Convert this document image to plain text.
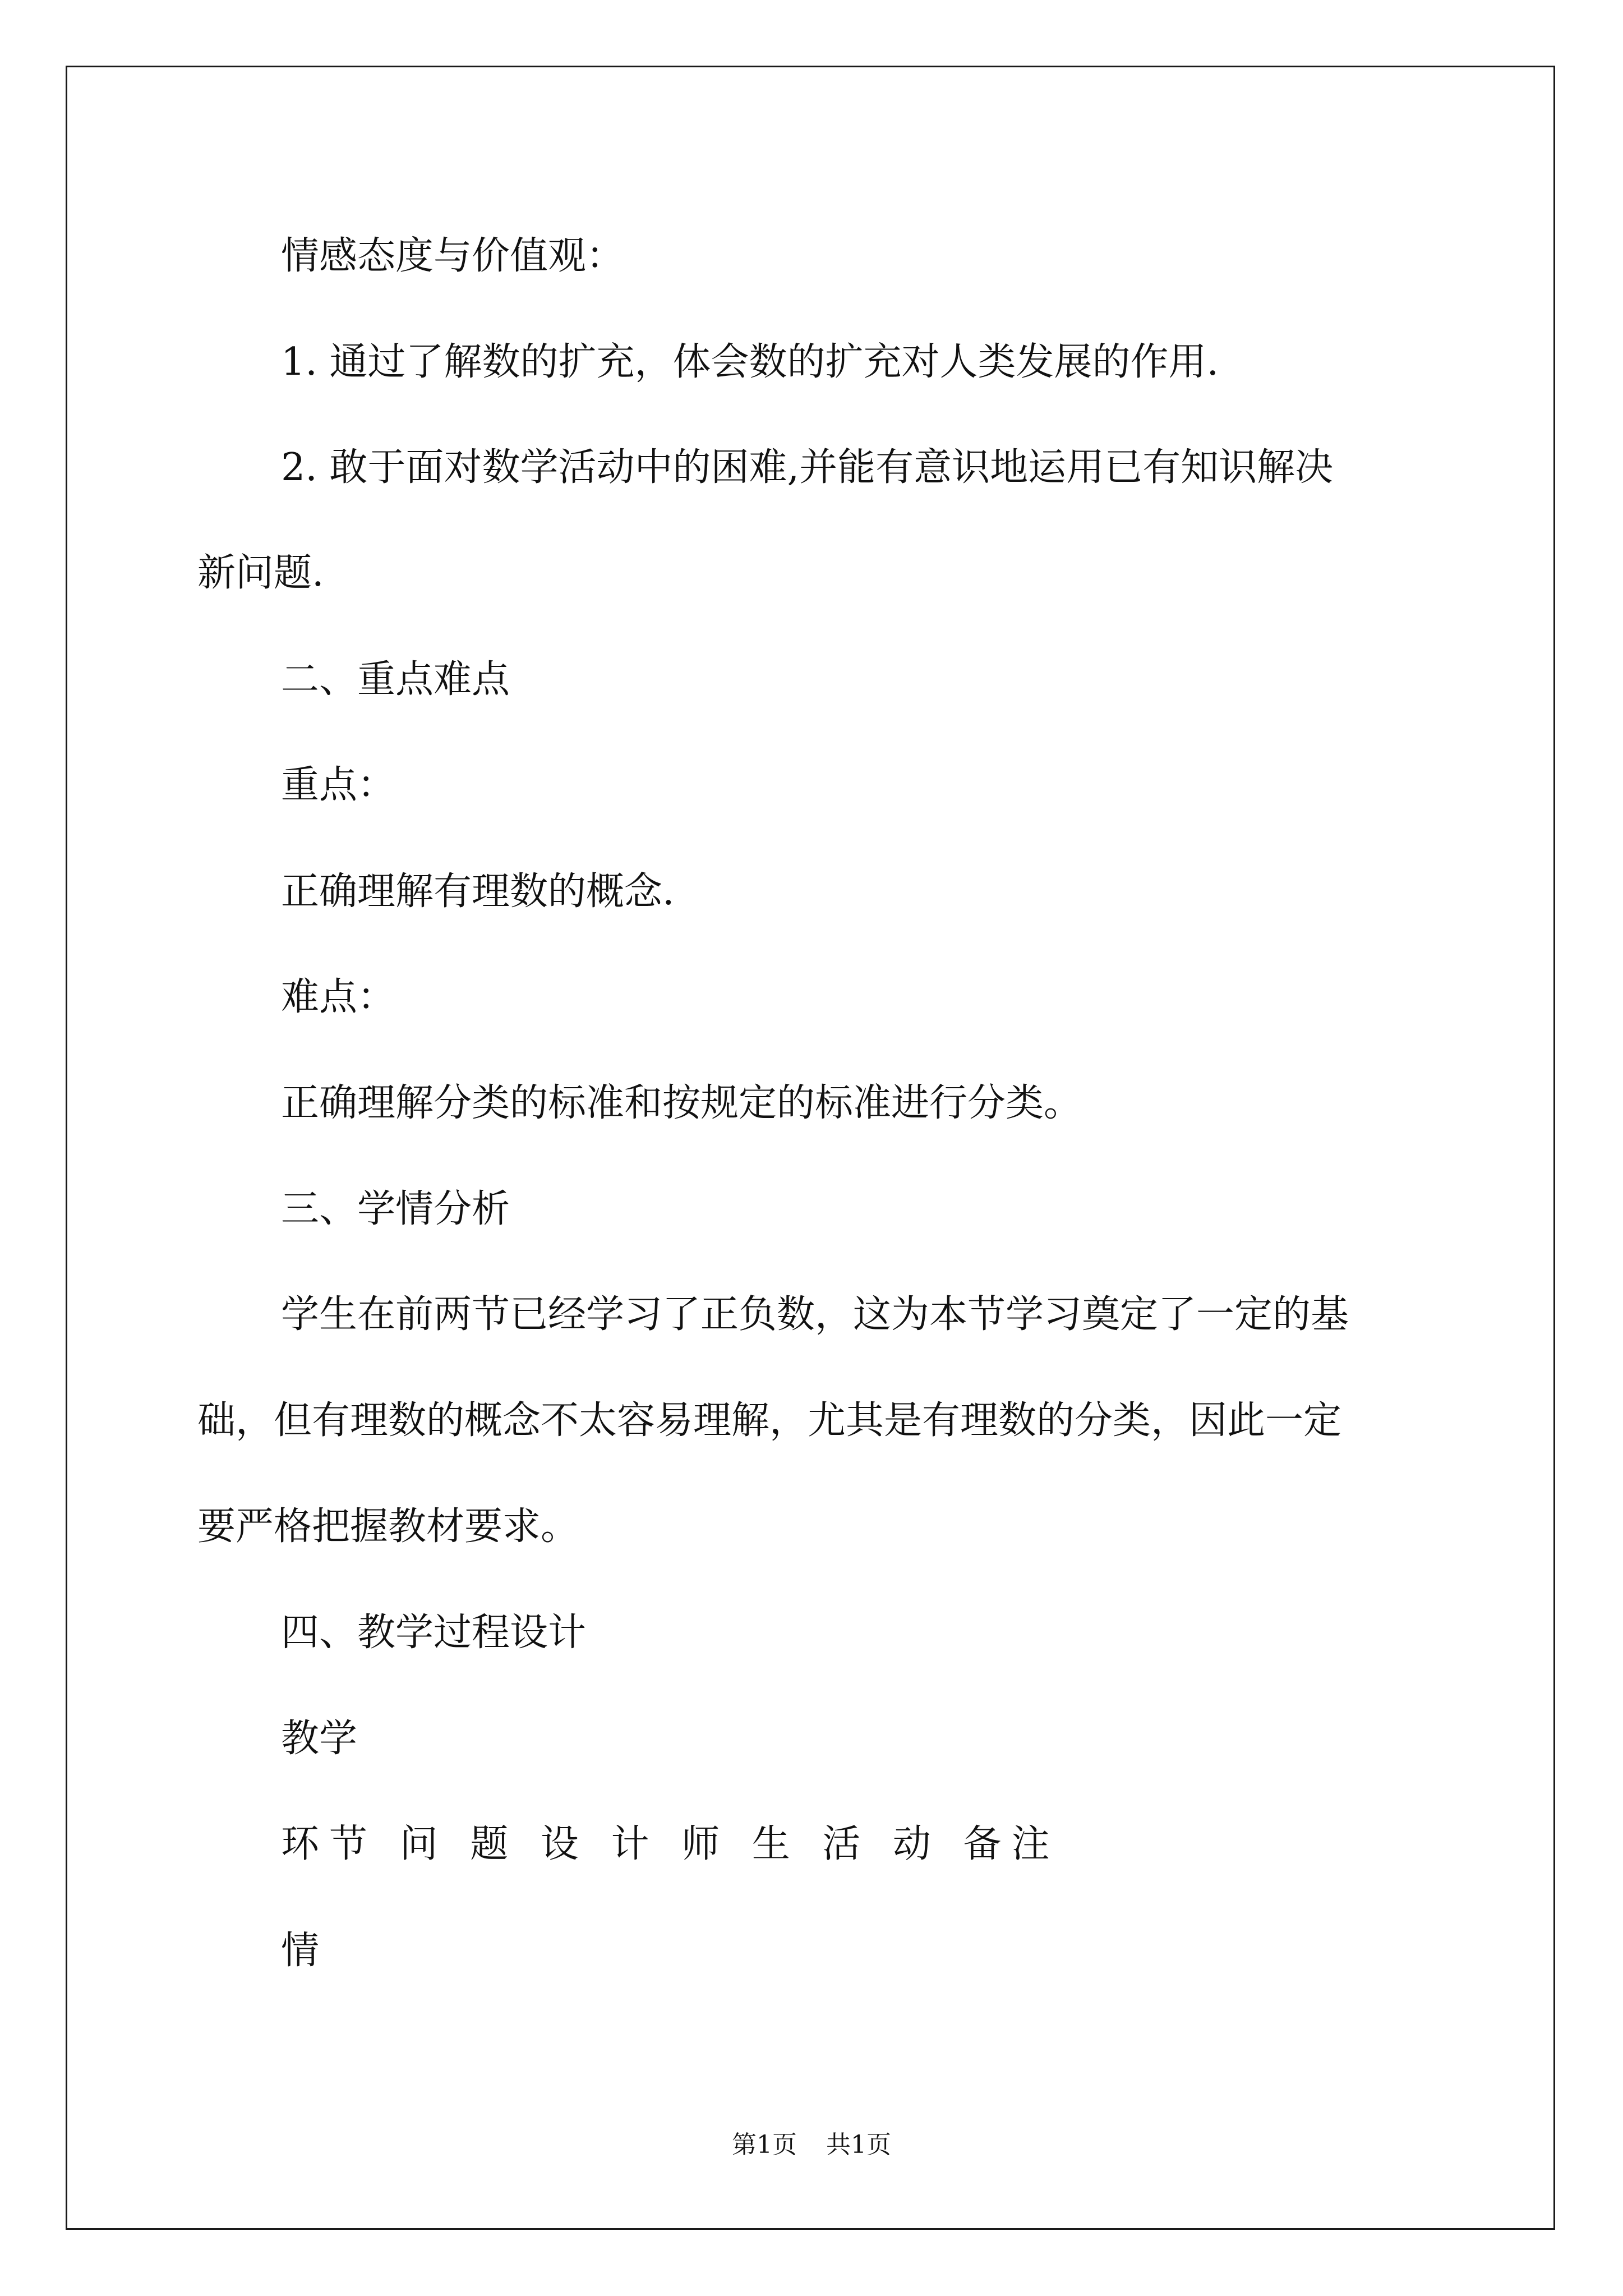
情感态度与价值观：
1. 通过了解数的扩充，体会数的扩充对人类发展的作用.
2. 敢于面对数学活动中的困难,并能有意识地运用已有知识解决
新问题.
二、重点难点
重点：
正确理解有理数的概念.
难点：
正确理解分类的标准和按规定的标准进行分类。
三、学情分析
学生在前两节已经学习了正负数，这为本节学习奠定了一定的基
础，但有理数的概念不太容易理解，尤其是有理数的分类，因此一定
要严格把握教材要求。
四、教学过程设计
教学
环节 问 题 设 计 师 生 活 动 备注
情
第1页 共1页
